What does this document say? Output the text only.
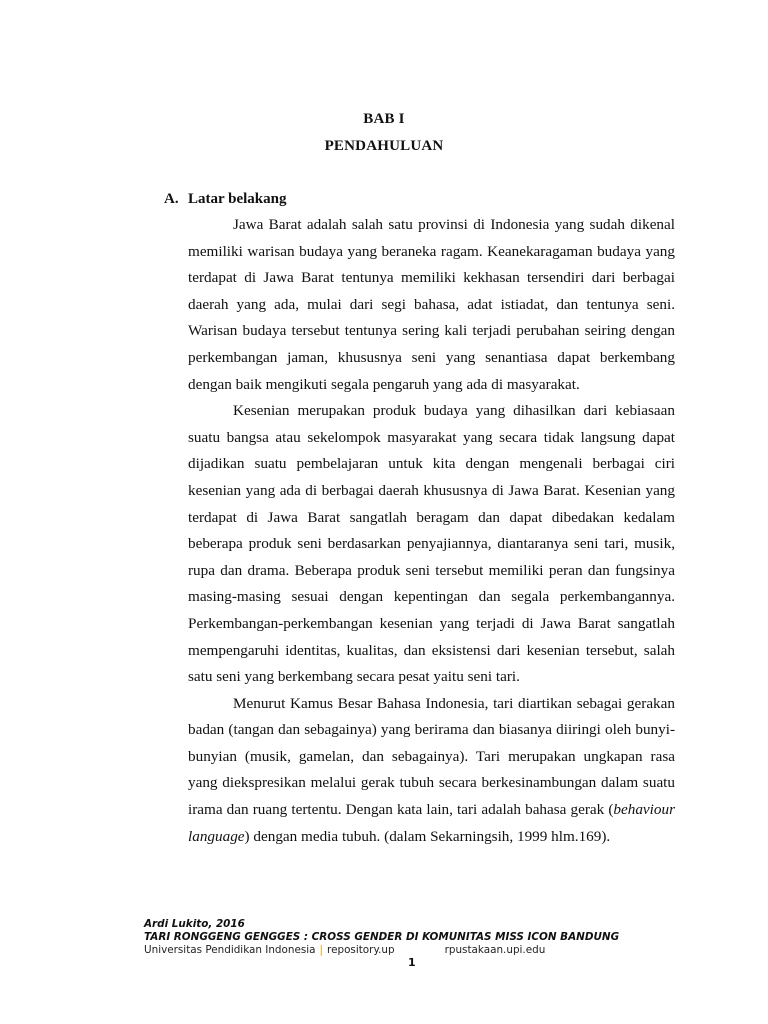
BAB I
PENDAHULUAN
A. Latar belakang

Jawa Barat adalah salah satu provinsi di Indonesia yang sudah dikenal memiliki warisan budaya yang beraneka ragam. Keanekaragaman budaya yang terdapat di Jawa Barat tentunya memiliki kekhasan tersendiri dari berbagai daerah yang ada, mulai dari segi bahasa, adat istiadat, dan tentunya seni. Warisan budaya tersebut tentunya sering kali terjadi perubahan seiring dengan perkembangan jaman, khususnya seni yang senantiasa dapat berkembang dengan baik mengikuti segala pengaruh yang ada di masyarakat.

Kesenian merupakan produk budaya yang dihasilkan dari kebiasaan suatu bangsa atau sekelompok masyarakat yang secara tidak langsung dapat dijadikan suatu pembelajaran untuk kita dengan mengenali berbagai ciri kesenian yang ada di berbagai daerah khususnya di Jawa Barat. Kesenian yang terdapat di Jawa Barat sangatlah beragam dan dapat dibedakan kedalam beberapa produk seni berdasarkan penyajiannya, diantaranya seni tari, musik, rupa dan drama. Beberapa produk seni tersebut memiliki peran dan fungsinya masing-masing sesuai dengan kepentingan dan segala perkembangannya. Perkembangan-perkembangan kesenian yang terjadi di Jawa Barat sangatlah mempengaruhi identitas, kualitas, dan eksistensi dari kesenian tersebut, salah satu seni yang berkembang secara pesat yaitu seni tari.

Menurut Kamus Besar Bahasa Indonesia, tari diartikan sebagai gerakan badan (tangan dan sebagainya) yang berirama dan biasanya diiringi oleh bunyi-bunyian (musik, gamelan, dan sebagainya). Tari merupakan ungkapan rasa yang diekspresikan melalui gerak tubuh secara berkesinambungan dalam suatu irama dan ruang tertentu. Dengan kata lain, tari adalah bahasa gerak (behaviour language) dengan media tubuh. (dalam Sekarningsih, 1999 hlm.169).

Ardi Lukito, 2016
TARI RONGGENG GENGGES : CROSS GENDER DI KOMUNITAS MISS ICON BANDUNG
Universitas Pendidikan Indonesia | repository.up	rpustakaan.upi.edu
1
